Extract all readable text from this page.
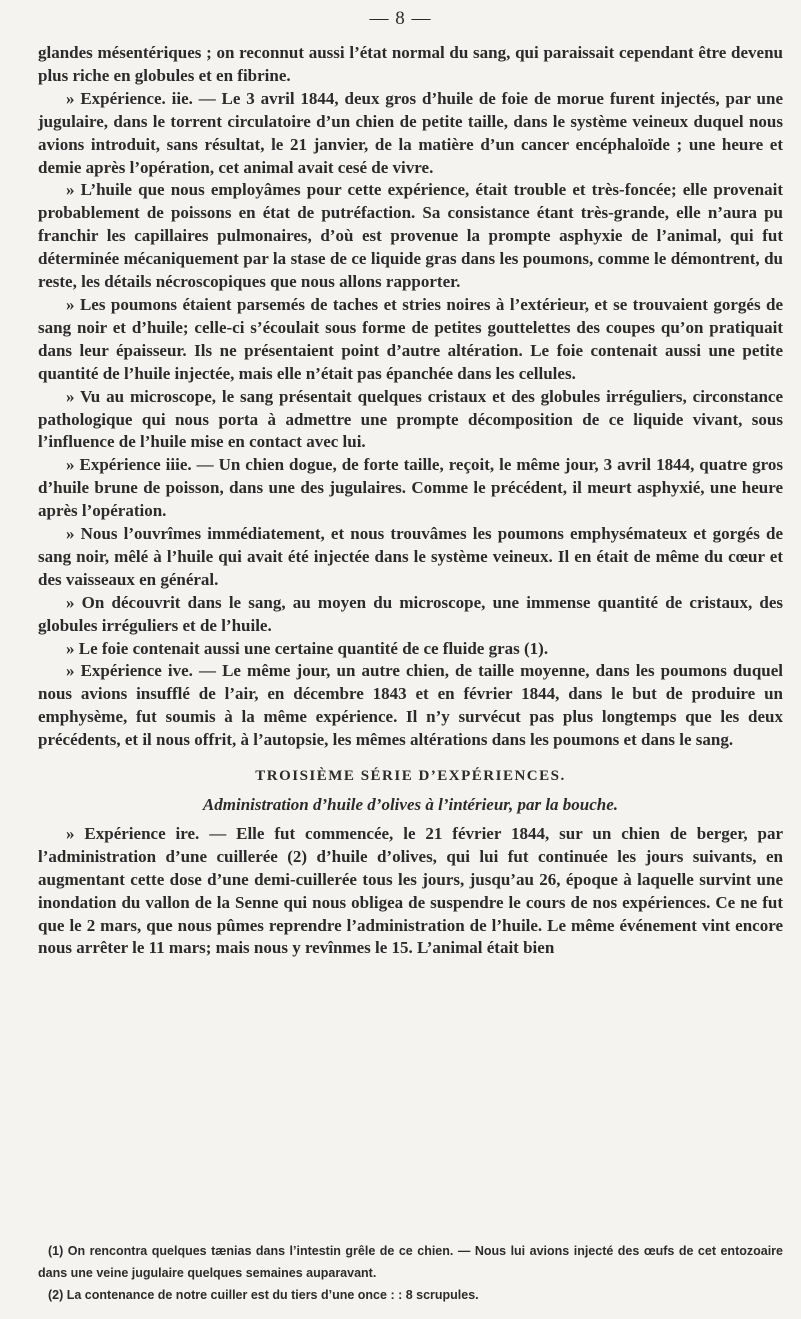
— 8 —

glandes mésentériques ; on reconnut aussi l’état normal du sang, qui paraissait cependant être devenu plus riche en globules et en fibrine.

» Expérience. iie. — Le 3 avril 1844, deux gros d’huile de foie de morue furent injectés, par une jugulaire, dans le torrent circulatoire d’un chien de petite taille, dans le système veineux duquel nous avions introduit, sans résultat, le 21 janvier, de la matière d’un cancer encéphaloïde ; une heure et demie après l’opération, cet animal avait cesé de vivre.

» L’huile que nous employâmes pour cette expérience, était trouble et très-foncée; elle provenait probablement de poissons en état de putréfaction. Sa consistance étant très-grande, elle n’aura pu franchir les capillaires pulmonaires, d’où est provenue la prompte asphyxie de l’animal, qui fut déterminée mécaniquement par la stase de ce liquide gras dans les poumons, comme le démontrent, du reste, les détails nécroscopiques que nous allons rapporter.

» Les poumons étaient parsemés de taches et stries noires à l’extérieur, et se trouvaient gorgés de sang noir et d’huile; celle-ci s’écoulait sous forme de petites gouttelettes des coupes qu’on pratiquait dans leur épaisseur. Ils ne présentaient point d’autre altération. Le foie contenait aussi une petite quantité de l’huile injectée, mais elle n’était pas épanchée dans les cellules.

» Vu au microscope, le sang présentait quelques cristaux et des globules irréguliers, circonstance pathologique qui nous porta à admettre une prompte décomposition de ce liquide vivant, sous l’influence de l’huile mise en contact avec lui.

» Expérience iiie. — Un chien dogue, de forte taille, reçoit, le même jour, 3 avril 1844, quatre gros d’huile brune de poisson, dans une des jugulaires. Comme le précédent, il meurt asphyxié, une heure après l’opération.

» Nous l’ouvrîmes immédiatement, et nous trouvâmes les poumons emphysémateux et gorgés de sang noir, mêlé à l’huile qui avait été injectée dans le système veineux. Il en était de même du cœur et des vaisseaux en général.

» On découvrit dans le sang, au moyen du microscope, une immense quantité de cristaux, des globules irréguliers et de l’huile.

» Le foie contenait aussi une certaine quantité de ce fluide gras (1).

» Expérience ive. — Le même jour, un autre chien, de taille moyenne, dans les poumons duquel nous avions insufflé de l’air, en décembre 1843 et en février 1844, dans le but de produire un emphysème, fut soumis à la même expérience. Il n’y survécut pas plus longtemps que les deux précédents, et il nous offrit, à l’autopsie, les mêmes altérations dans les poumons et dans le sang.

TROISIÈME SÉRIE D’EXPÉRIENCES.
Administration d’huile d’olives à l’intérieur, par la bouche.

» Expérience ire. — Elle fut commencée, le 21 février 1844, sur un chien de berger, par l’administration d’une cuillerée (2) d’huile d’olives, qui lui fut continuée les jours suivants, en augmentant cette dose d’une demi-cuillerée tous les jours, jusqu’au 26, époque à laquelle survint une inondation du vallon de la Senne qui nous obligea de suspendre le cours de nos expériences. Ce ne fut que le 2 mars, que nous pûmes reprendre l’administration de l’huile. Le même événement vint encore nous arrêter le 11 mars; mais nous y revînmes le 15. L’animal était bien

(1) On rencontra quelques tænias dans l’intestin grêle de ce chien. — Nous lui avions injecté des œufs de cet entozoaire dans une veine jugulaire quelques semaines auparavant.

(2) La contenance de notre cuiller est du tiers d’une once : : 8 scrupules.
